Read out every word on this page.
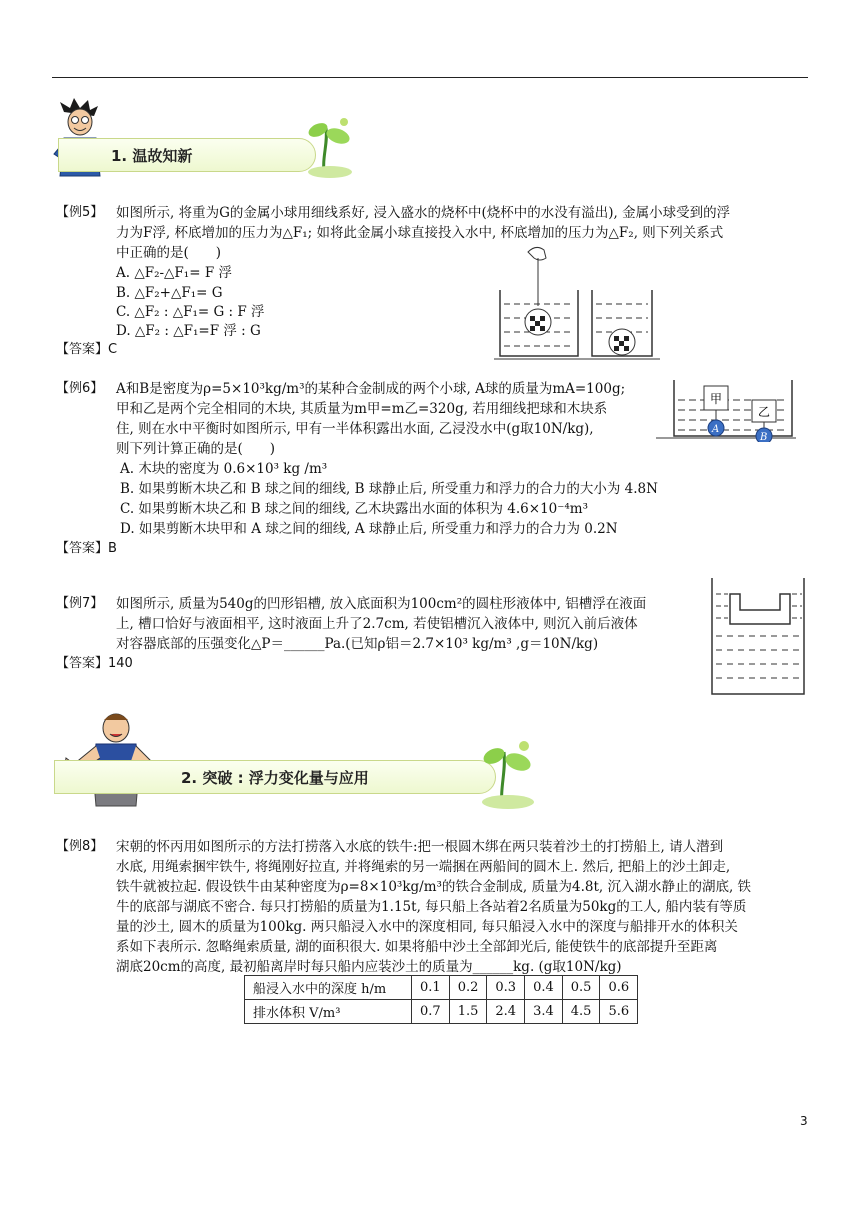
1. 温故知新
【例5】 如图所示, 将重为G的金属小球用细线系好, 浸入盛水的烧杯中(烧杯中的水没有溢出), 金属小球受到的浮
力为F浮, 杯底增加的压力为△F₁; 如将此金属小球直接投入水中, 杯底增加的压力为△F₂, 则下列关系式
中正确的是(　　)
A. △F₂-△F₁= F 浮
B. △F₂+△F₁= G
C. △F₂ : △F₁= G : F 浮
D. △F₂ : △F₁=F 浮 : G
【答案】C
【例6】 A和B是密度为ρ=5×10³kg/m³的某种合金制成的两个小球, A球的质量为mA=100g;
甲和乙是两个完全相同的木块, 其质量为m甲=m乙=320g, 若用细线把球和木块系
住, 则在水中平衡时如图所示, 甲有一半体积露出水面, 乙浸没水中(g取10N/kg),
则下列计算正确的是(　　)
A. 木块的密度为 0.6×10³ kg /m³
B. 如果剪断木块乙和 B 球之间的细线, B 球静止后, 所受重力和浮力的合力的大小为 4.8N
C. 如果剪断木块乙和 B 球之间的细线, 乙木块露出水面的体积为 4.6×10⁻⁴m³
D. 如果剪断木块甲和 A 球之间的细线, A 球静止后, 所受重力和浮力的合力为 0.2N
【答案】B
甲
乙
A
B
【例7】 如图所示, 质量为540g的凹形铝槽, 放入底面积为100cm²的圆柱形液体中, 铝槽浮在液面
上, 槽口恰好与液面相平, 这时液面上升了2.7cm, 若使铝槽沉入液体中, 则沉入前后液体
对容器底部的压强变化△P＝______Pa.(已知ρ铝＝2.7×10³ kg/m³ ,g＝10N/kg)
【答案】140
2. 突破 : 浮力变化量与应用
【例8】 宋朝的怀丙用如图所示的方法打捞落入水底的铁牛:把一根圆木绑在两只装着沙土的打捞船上, 请人潜到
水底, 用绳索捆牢铁牛, 将绳刚好拉直, 并将绳索的另一端捆在两船间的圆木上. 然后, 把船上的沙土卸走,
铁牛就被拉起. 假设铁牛由某种密度为ρ=8×10³kg/m³的铁合金制成, 质量为4.8t, 沉入湖水静止的湖底, 铁
牛的底部与湖底不密合. 每只打捞船的质量为1.15t, 每只船上各站着2名质量为50kg的工人, 船内装有等质
量的沙土, 圆木的质量为100kg. 两只船浸入水中的深度相同, 每只船浸入水中的深度与船排开水的体积关
系如下表所示. 忽略绳索质量, 湖的面积很大. 如果将船中沙土全部卸光后, 能使铁牛的底部提升至距离
湖底20cm的高度, 最初船离岸时每只船内应装沙土的质量为______kg. (g取10N/kg)
船浸入水中的深度 h/m	0.1	0.2	0.3	0.4	0.5	0.6
排水体积 V/m³	0.7	1.5	2.4	3.4	4.5	5.6
3
